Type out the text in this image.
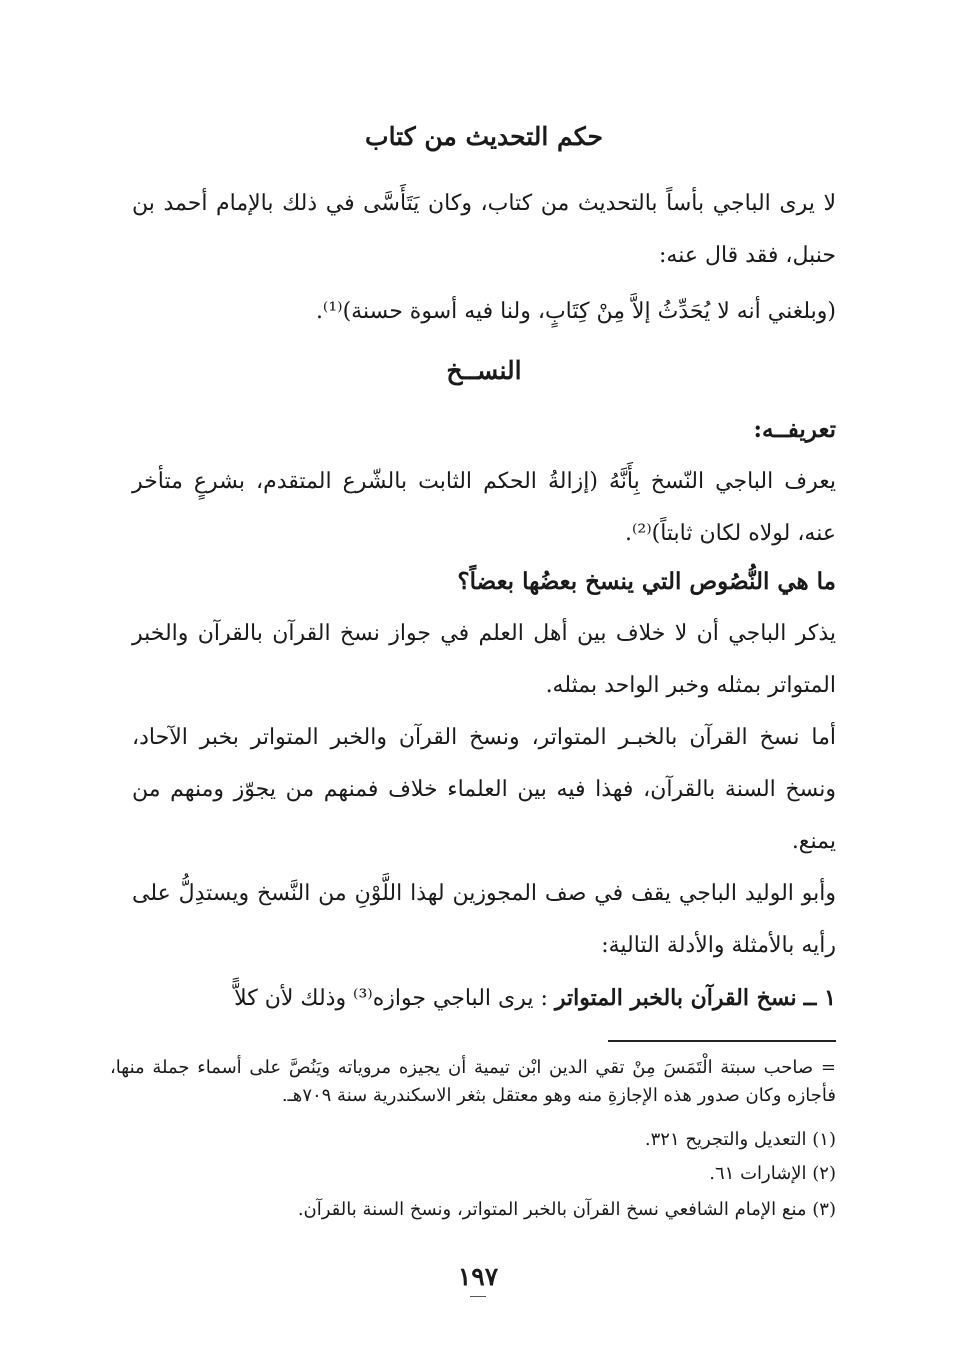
حكم التحديث من كتاب
لا يرى الباجي بأساً بالتحديث من كتاب، وكان يَتَأَسَّى في ذلك بالإمام أحمد بن حنبل، فقد قال عنه:
(وبلغني أنه لا يُحَدِّثُ إلاَّ مِنْ كِتَابٍ، ولنا فيه أسوة حسنة)⁽¹⁾.
النســخ
تعريفــه:
يعرف الباجي النّسخ بِأَنَّهُ (إزالةُ الحكم الثابت بالشّرع المتقدم، بشرعٍ متأخر عنه، لولاه لكان ثابتاً)⁽²⁾.
ما هي النُّصُوص التي ينسخ بعضُها بعضاً؟
يذكر الباجي أن لا خلاف بين أهل العلم في جواز نسخ القرآن بالقرآن والخبر المتواتر بمثله وخبر الواحد بمثله.
أما نسخ القرآن بالخبـر المتواتر، ونسخ القرآن والخبر المتواتر بخبر الآحاد، ونسخ السنة بالقرآن، فهذا فيه بين العلماء خلاف فمنهم من يجوّز ومنهم من يمنع.
وأبو الوليد الباجي يقف في صف المجوزين لهذا اللَّوْنِ من النَّسخ ويستدِلُّ على رأيه بالأمثلة والأدلة التالية:
١ ــ نسخ القرآن بالخبر المتواتر : يرى الباجي جوازه⁽³⁾ وذلك لأن كلاًّ
= صاحب سبتة الْتَمَسَ مِنْ تقي الدين ابْن تيمية أن يجيزه مروياته ويَنُصَّ على أسماء جملة منها، فأجازه وكان صدور هذه الإجازةِ منه وهو معتقل بثغر الاسكندرية سنة ٧٠٩هـ.
(١) التعديل والتجريح ٣٢١.
(٢) الإشارات ٦١.
(٣) منع الإمام الشافعي نسخ القرآن بالخبر المتواتر، ونسخ السنة بالقرآن.
١٩٧
